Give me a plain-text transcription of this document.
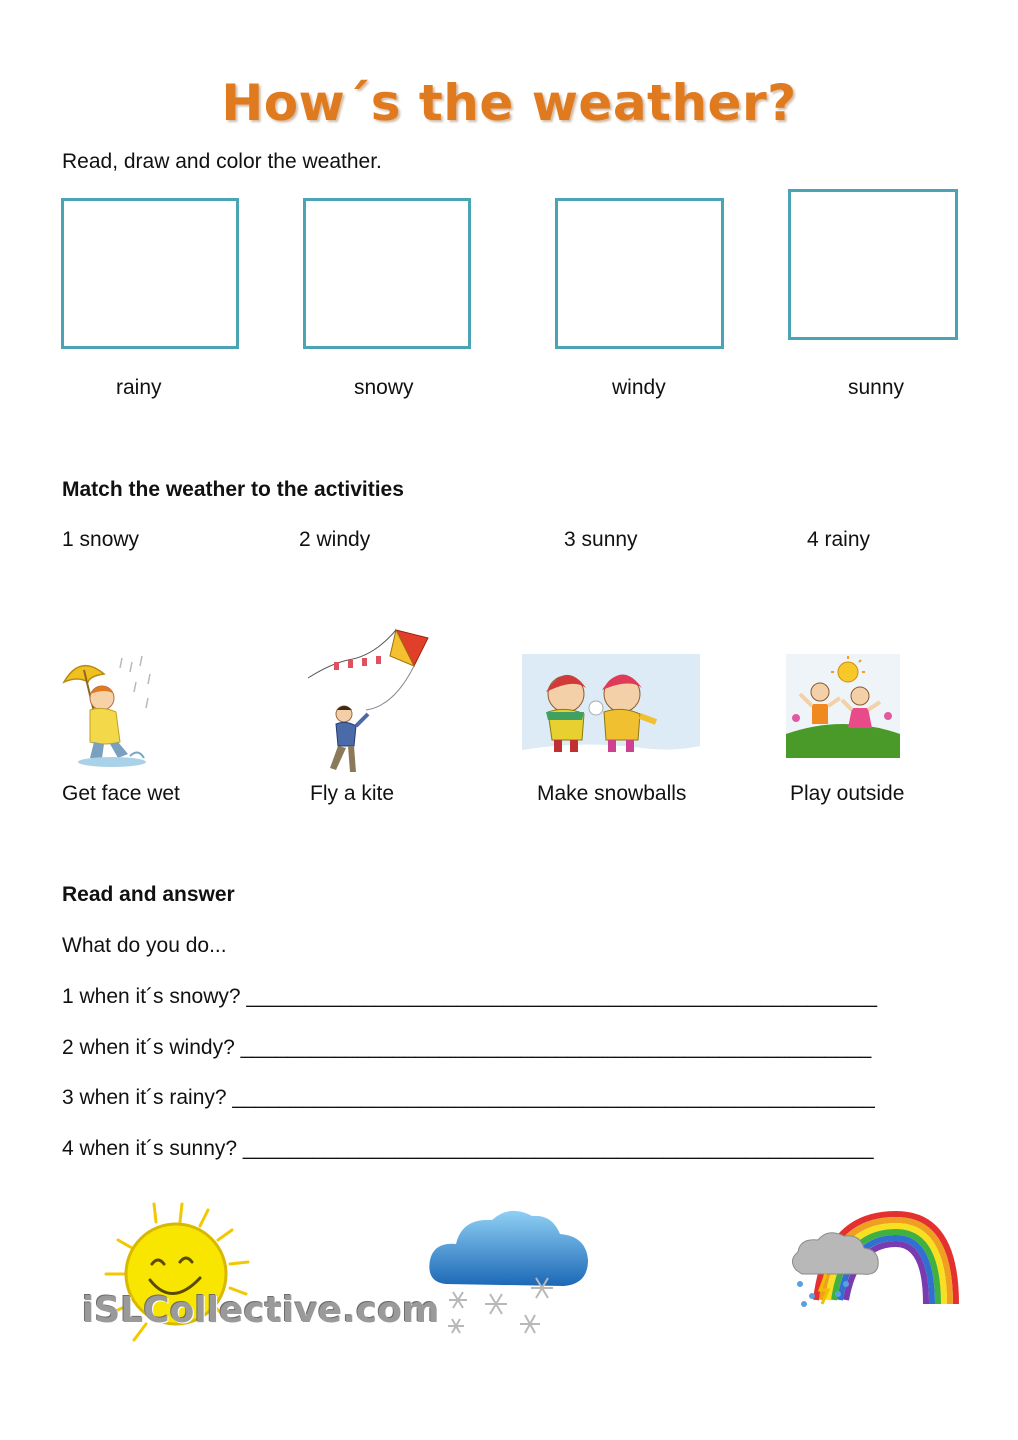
How´s the weather?
Read, draw and color the weather.
rainy	snowy	windy	sunny
Match the weather to the activities
1 snowy	2 windy	3 sunny	4 rainy
Get face wet	Fly a kite	Make snowballs	Play outside
Read and answer
What do you do...
1 when it´s snowy? ______________________________________________________
2 when it´s windy? ______________________________________________________
3 when it´s rainy? _______________________________________________________
4 when it´s sunny? ______________________________________________________
iSLCollective.com
